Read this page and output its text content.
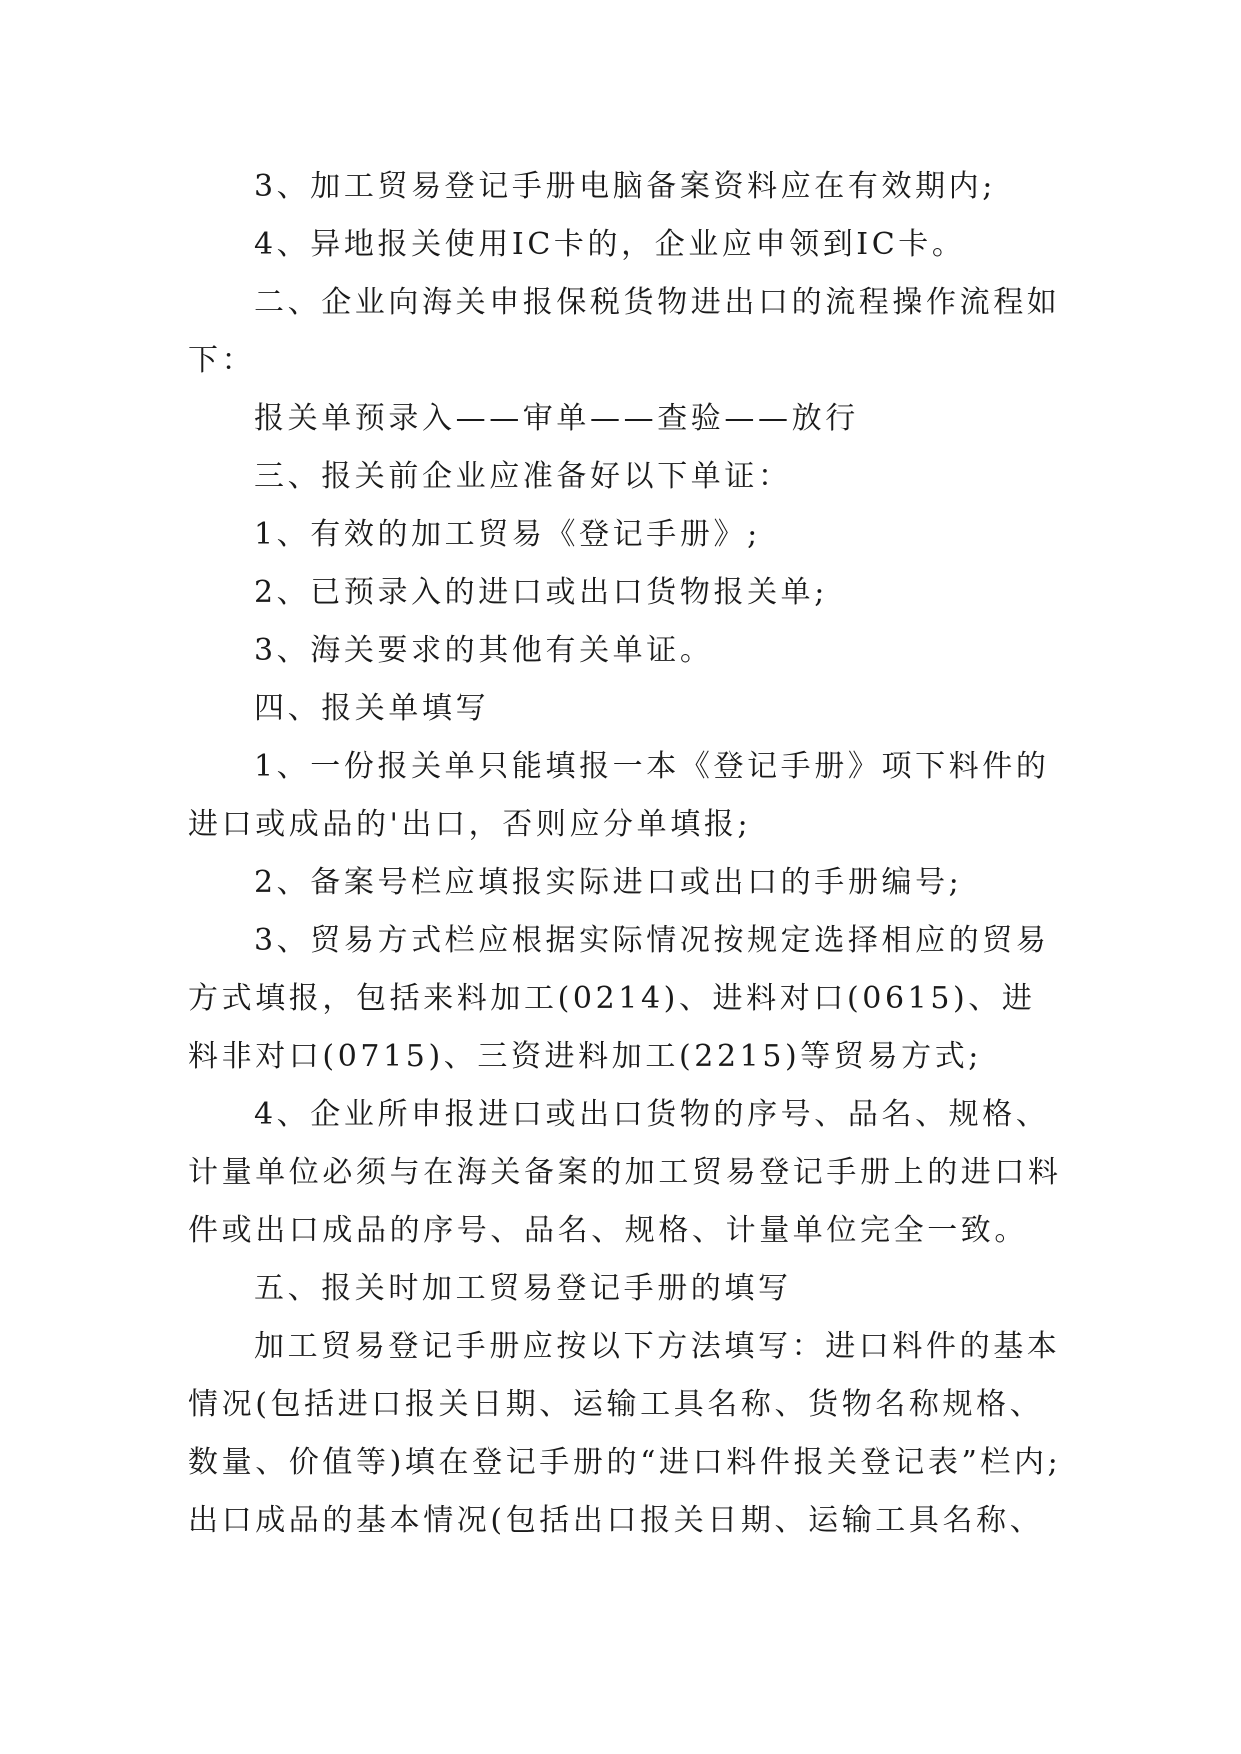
3、加工贸易登记手册电脑备案资料应在有效期内;

4、异地报关使用IC卡的，企业应申领到IC卡。

二、企业向海关申报保税货物进出口的流程操作流程如下：

报关单预录入——审单——查验——放行

三、报关前企业应准备好以下单证：

1、有效的加工贸易《登记手册》;

2、已预录入的进口或出口货物报关单;

3、海关要求的其他有关单证。

四、报关单填写

1、一份报关单只能填报一本《登记手册》项下料件的进口或成品的'出口，否则应分单填报;

2、备案号栏应填报实际进口或出口的手册编号;

3、贸易方式栏应根据实际情况按规定选择相应的贸易方式填报，包括来料加工(0214)、进料对口(0615)、进料非对口(0715)、三资进料加工(2215)等贸易方式;

4、企业所申报进口或出口货物的序号、品名、规格、计量单位必须与在海关备案的加工贸易登记手册上的进口料件或出口成品的序号、品名、规格、计量单位完全一致。

五、报关时加工贸易登记手册的填写

加工贸易登记手册应按以下方法填写：进口料件的基本情况(包括进口报关日期、运输工具名称、货物名称规格、数量、价值等)填在登记手册的“进口料件报关登记表”栏内;出口成品的基本情况(包括出口报关日期、运输工具名称、
